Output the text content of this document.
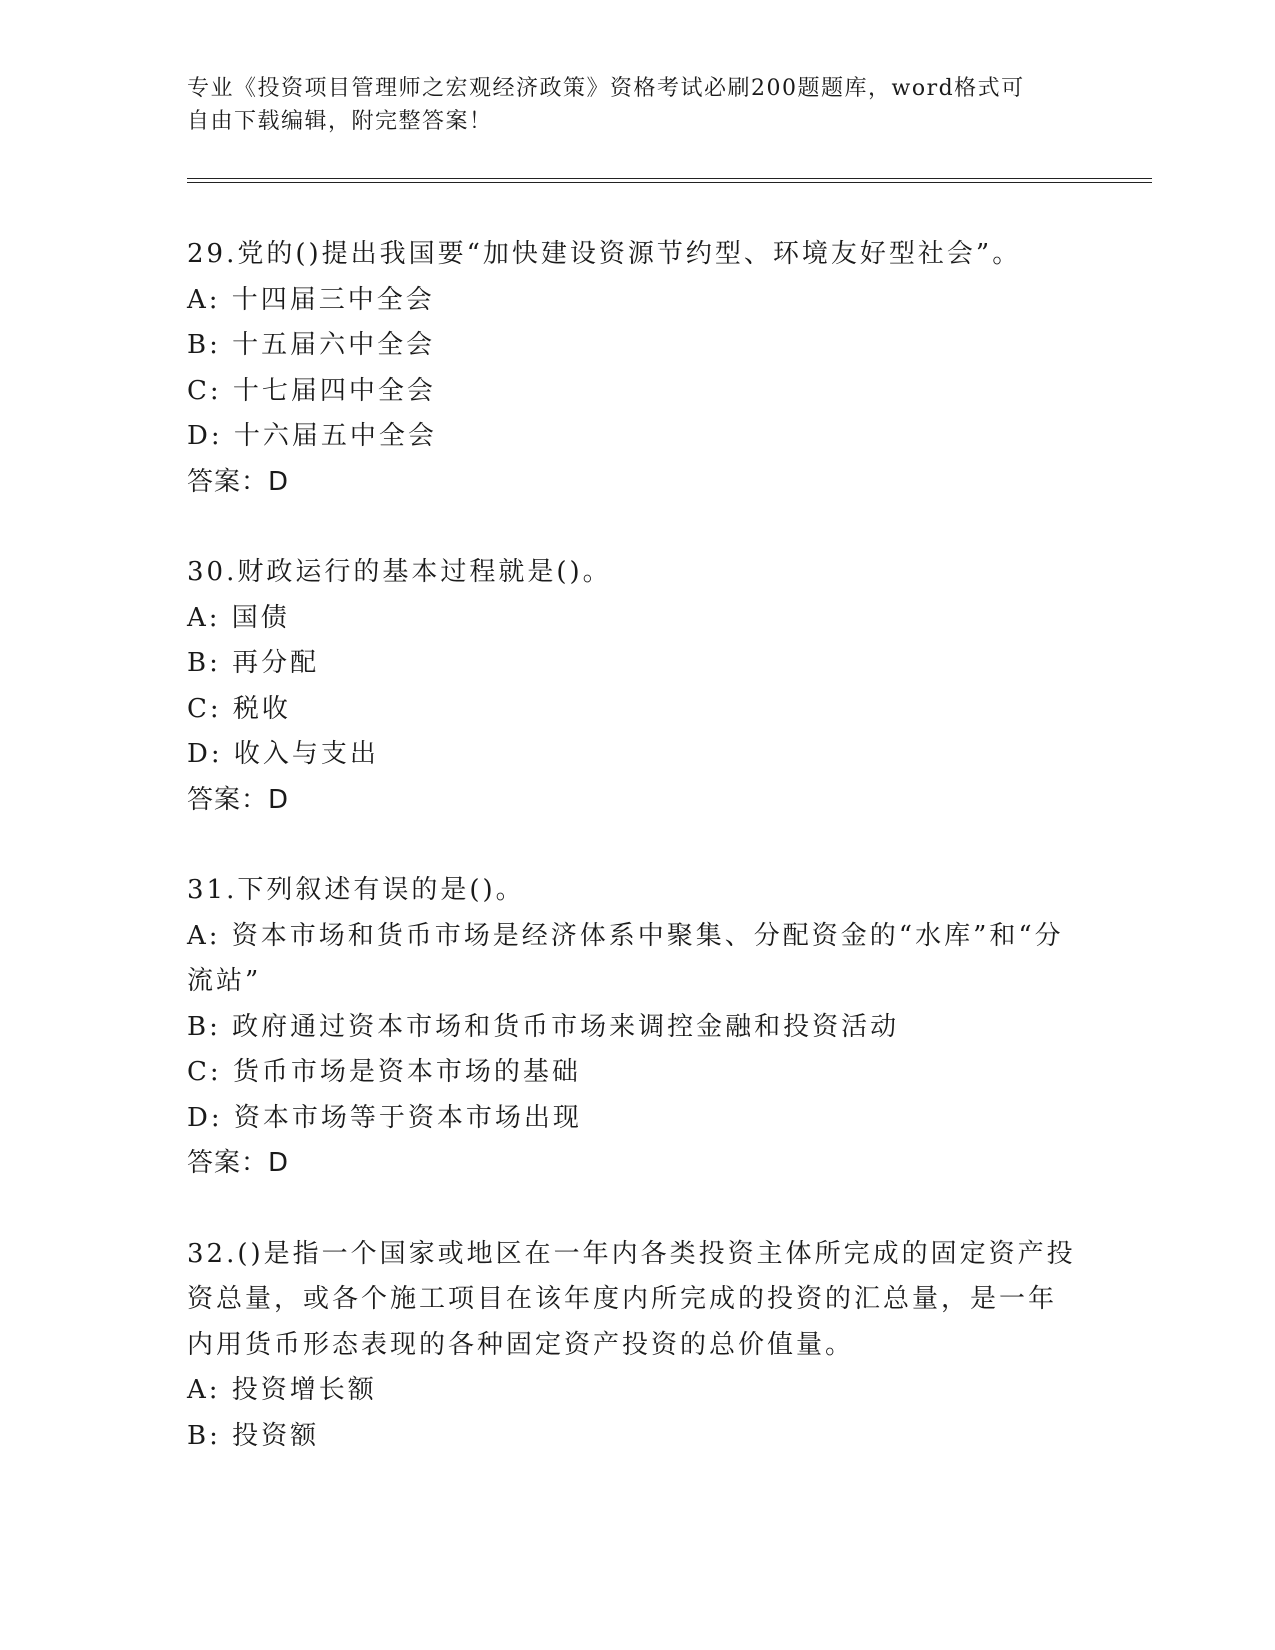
专业《投资项目管理师之宏观经济政策》资格考试必刷200题题库，word格式可

自由下载编辑，附完整答案！

29.党的()提出我国要“加快建设资源节约型、环境友好型社会”。

A: 十四届三中全会

B: 十五届六中全会

C: 十七届四中全会

D: 十六届五中全会

答案：D

30.财政运行的基本过程就是()。

A: 国债

B: 再分配

C: 税收

D: 收入与支出

答案：D

31.下列叙述有误的是()。

A: 资本市场和货币市场是经济体系中聚集、分配资金的“水库”和“分流站”

B: 政府通过资本市场和货币市场来调控金融和投资活动

C: 货币市场是资本市场的基础

D: 资本市场等于资本市场出现

答案：D

32.()是指一个国家或地区在一年内各类投资主体所完成的固定资产投资总量，或各个施工项目在该年度内所完成的投资的汇总量，是一年内用货币形态表现的各种固定资产投资的总价值量。

A: 投资增长额

B: 投资额
